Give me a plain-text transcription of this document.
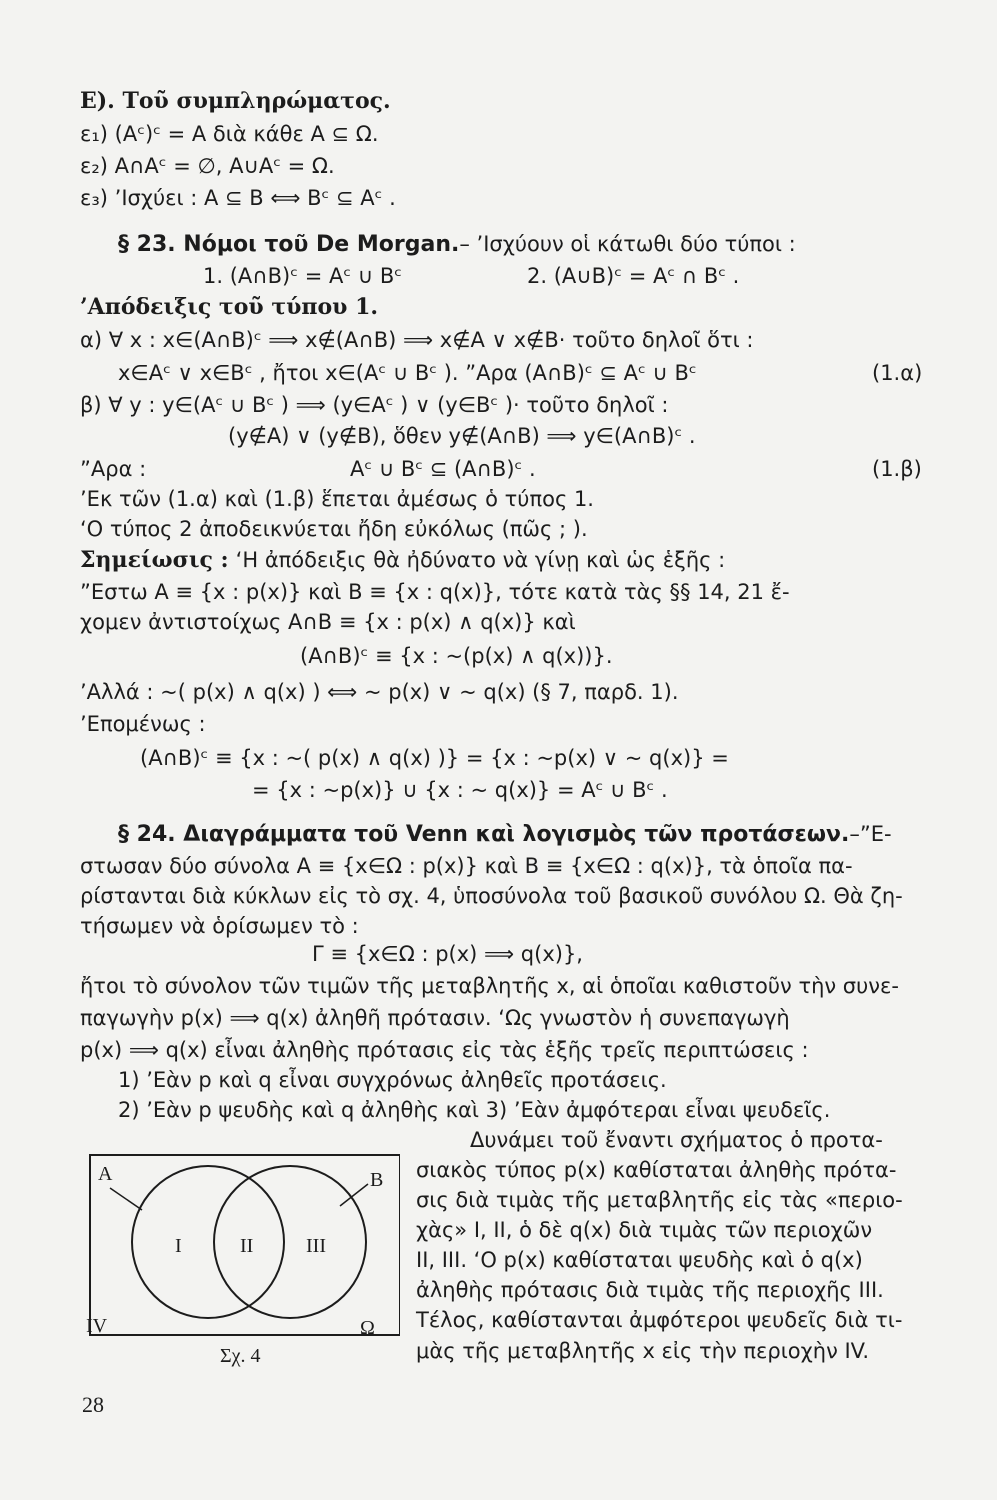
Ε). Τοῦ συμπληρώματος.
ε₁) (Aᶜ)ᶜ = A διὰ κάθε A ⊆ Ω.
ε₂) A∩Aᶜ = ∅, A∪Aᶜ = Ω.
ε₃) ’Ισχύει : A ⊆ B ⟺ Bᶜ ⊆ Aᶜ .
§ 23. Νόμοι τοῦ De Morgan.– ’Ισχύουν οἱ κάτωθι δύο τύποι :
1. (A∩B)ᶜ = Aᶜ ∪ Bᶜ	2. (A∪B)ᶜ = Aᶜ ∩ Bᶜ .
’Απόδειξις τοῦ τύπου 1.
α) ∀ x : x∈(A∩B)ᶜ ⟹ x∉(A∩B) ⟹ x∉A ∨ x∉B· τοῦτο δηλοῖ ὅτι :
x∈Aᶜ ∨ x∈Bᶜ , ἤτοι x∈(Aᶜ ∪ Bᶜ ). ”Αρα (A∩B)ᶜ ⊆ Aᶜ ∪ Bᶜ	(1.α)
β) ∀ y : y∈(Aᶜ ∪ Bᶜ ) ⟹ (y∈Aᶜ ) ∨ (y∈Bᶜ )· τοῦτο δηλοῖ :
(y∉A) ∨ (y∉B), ὅθεν y∉(A∩B) ⟹ y∈(A∩B)ᶜ .
”Αρα :	Aᶜ ∪ Bᶜ ⊆ (A∩B)ᶜ .	(1.β)
’Εκ τῶν (1.α) καὶ (1.β) ἕπεται ἀμέσως ὁ τύπος 1.
‘Ο τύπος 2 ἀποδεικνύεται ἤδη εὐκόλως (πῶς ; ).
Σημείωσις : ‘Η ἀπόδειξις θὰ ἠδύνατο νὰ γίνῃ καὶ ὡς ἑξῆς :
”Εστω A ≡ {x : p(x)} καὶ B ≡ {x : q(x)}, τότε κατὰ τὰς §§ 14, 21 ἔ-
χομεν ἀντιστοίχως A∩B ≡ {x : p(x) ∧ q(x)} καὶ
(A∩B)ᶜ ≡ {x : ~(p(x) ∧ q(x))}.
’Αλλά : ~( p(x) ∧ q(x) ) ⟺ ~ p(x) ∨ ~ q(x) (§ 7, παρδ. 1).
’Επομένως :
(A∩B)ᶜ ≡ {x : ~( p(x) ∧ q(x) )} = {x : ~p(x) ∨ ~ q(x)} =
= {x : ~p(x)} ∪ {x : ~ q(x)} = Aᶜ ∪ Bᶜ .
§ 24. Διαγράμματα τοῦ Venn καὶ λογισμὸς τῶν προτάσεων.–”Ε-
στωσαν δύο σύνολα A ≡ {x∈Ω : p(x)} καὶ B ≡ {x∈Ω : q(x)}, τὰ ὁποῖα πα-
ρίστανται διὰ κύκλων εἰς τὸ σχ. 4, ὑποσύνολα τοῦ βασικοῦ συνόλου Ω. Θὰ ζη-
τήσωμεν νὰ ὁρίσωμεν τὸ :
Γ ≡ {x∈Ω : p(x) ⟹ q(x)},
ἤτοι τὸ σύνολον τῶν τιμῶν τῆς μεταβλητῆς x, αἱ ὁποῖαι καθιστοῦν τὴν συνε-
παγωγὴν p(x) ⟹ q(x) ἀληθῆ πρότασιν. ‘Ως γνωστὸν ἡ συνεπαγωγὴ
p(x) ⟹ q(x) εἶναι ἀληθὴς πρότασις εἰς τὰς ἑξῆς τρεῖς περιπτώσεις :
1) ’Εὰν p καὶ q εἶναι συγχρόνως ἀληθεῖς προτάσεις.
2) ’Εὰν p ψευδὴς καὶ q ἀληθὴς καὶ 3) ’Εὰν ἀμφότεραι εἶναι ψευδεῖς.
Δυνάμει τοῦ ἔναντι σχήματος ὁ προτα-
σιακὸς τύπος p(x) καθίσταται ἀληθὴς πρότα-
σις διὰ τιμὰς τῆς μεταβλητῆς εἰς τὰς «περιο-
χὰς» I, II, ὁ δὲ q(x) διὰ τιμὰς τῶν περιοχῶν
II, III. ‘Ο p(x) καθίσταται ψευδὴς καὶ ὁ q(x)
ἀληθὴς πρότασις διὰ τιμὰς τῆς περιοχῆς III.
Τέλος, καθίστανται ἀμφότεροι ψευδεῖς διὰ τι-
μὰς τῆς μεταβλητῆς x εἰς τὴν περιοχὴν IV.
A	B
I	II	III
IV	Ω
Σχ. 4
28
